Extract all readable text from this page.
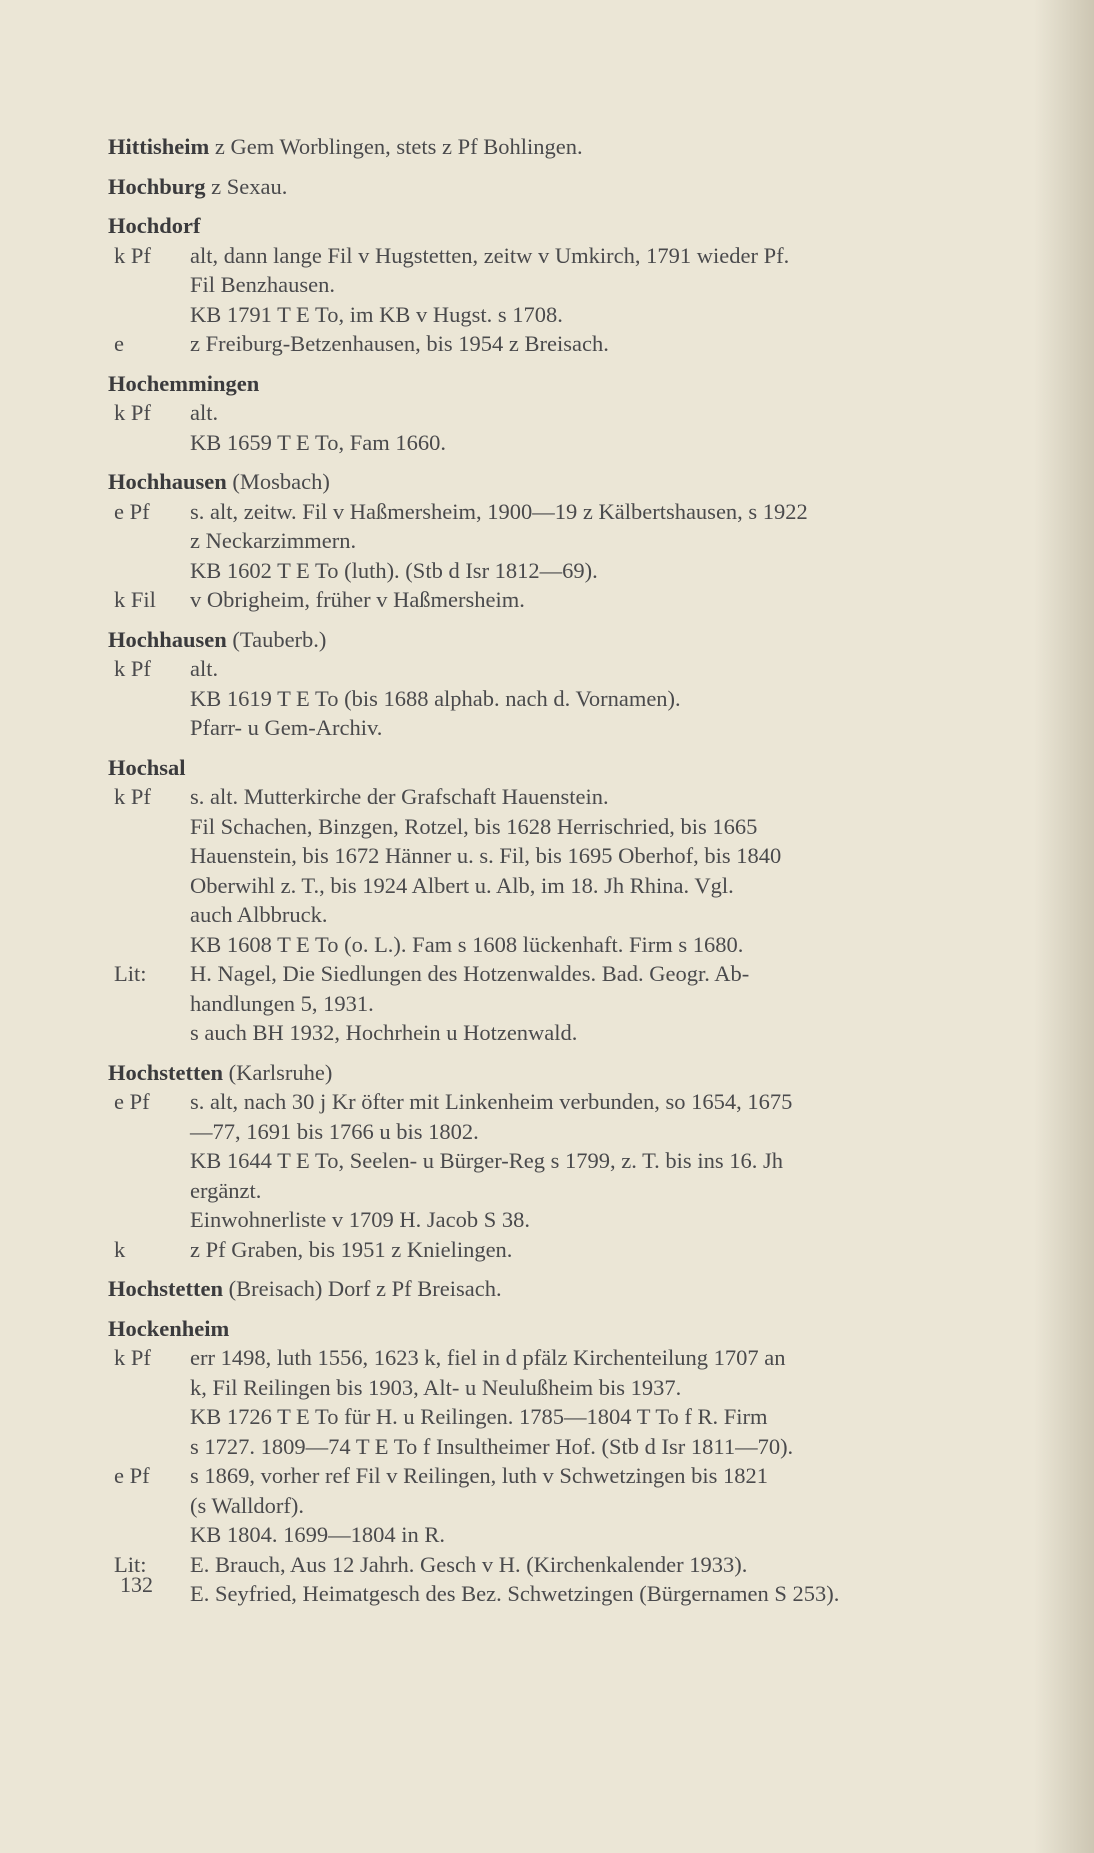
Hittisheim z Gem Worblingen, stets z Pf Bohlingen.
Hochburg z Sexau.
Hochdorf
k Pf	alt, dann lange Fil v Hugstetten, zeitw v Umkirch, 1791 wieder Pf.
Fil Benzhausen.
KB 1791 T E To, im KB v Hugst. s 1708.
e	z Freiburg-Betzenhausen, bis 1954 z Breisach.
Hochemmingen
k Pf	alt.
KB 1659 T E To, Fam 1660.
Hochhausen (Mosbach)
e Pf	s. alt, zeitw. Fil v Haßmersheim, 1900—19 z Kälbertshausen, s 1922
z Neckarzimmern.
KB 1602 T E To (luth). (Stb d Isr 1812—69).
k Fil	v Obrigheim, früher v Haßmersheim.
Hochhausen (Tauberb.)
k Pf	alt.
KB 1619 T E To (bis 1688 alphab. nach d. Vornamen).
Pfarr- u Gem-Archiv.
Hochsal
k Pf	s. alt. Mutterkirche der Grafschaft Hauenstein.
Fil Schachen, Binzgen, Rotzel, bis 1628 Herrischried, bis 1665
Hauenstein, bis 1672 Hänner u. s. Fil, bis 1695 Oberhof, bis 1840
Oberwihl z. T., bis 1924 Albert u. Alb, im 18. Jh Rhina. Vgl.
auch Albbruck.
KB 1608 T E To (o. L.). Fam s 1608 lückenhaft. Firm s 1680.
Lit:	H. Nagel, Die Siedlungen des Hotzenwaldes. Bad. Geogr. Ab-
handlungen 5, 1931.
s auch BH 1932, Hochrhein u Hotzenwald.
Hochstetten (Karlsruhe)
e Pf	s. alt, nach 30 j Kr öfter mit Linkenheim verbunden, so 1654, 1675
—77, 1691 bis 1766 u bis 1802.
KB 1644 T E To, Seelen- u Bürger-Reg s 1799, z. T. bis ins 16. Jh
ergänzt.
Einwohnerliste v 1709 H. Jacob S 38.
k	z Pf Graben, bis 1951 z Knielingen.
Hochstetten (Breisach) Dorf z Pf Breisach.
Hockenheim
k Pf	err 1498, luth 1556, 1623 k, fiel in d pfälz Kirchenteilung 1707 an
k, Fil Reilingen bis 1903, Alt- u Neulußheim bis 1937.
KB 1726 T E To für H. u Reilingen. 1785—1804 T To f R. Firm
s 1727. 1809—74 T E To f Insultheimer Hof. (Stb d Isr 1811—70).
e Pf	s 1869, vorher ref Fil v Reilingen, luth v Schwetzingen bis 1821
(s Walldorf).
KB 1804. 1699—1804 in R.
Lit:	E. Brauch, Aus 12 Jahrh. Gesch v H. (Kirchenkalender 1933).
E. Seyfried, Heimatgesch des Bez. Schwetzingen (Bürgernamen S 253).
132
